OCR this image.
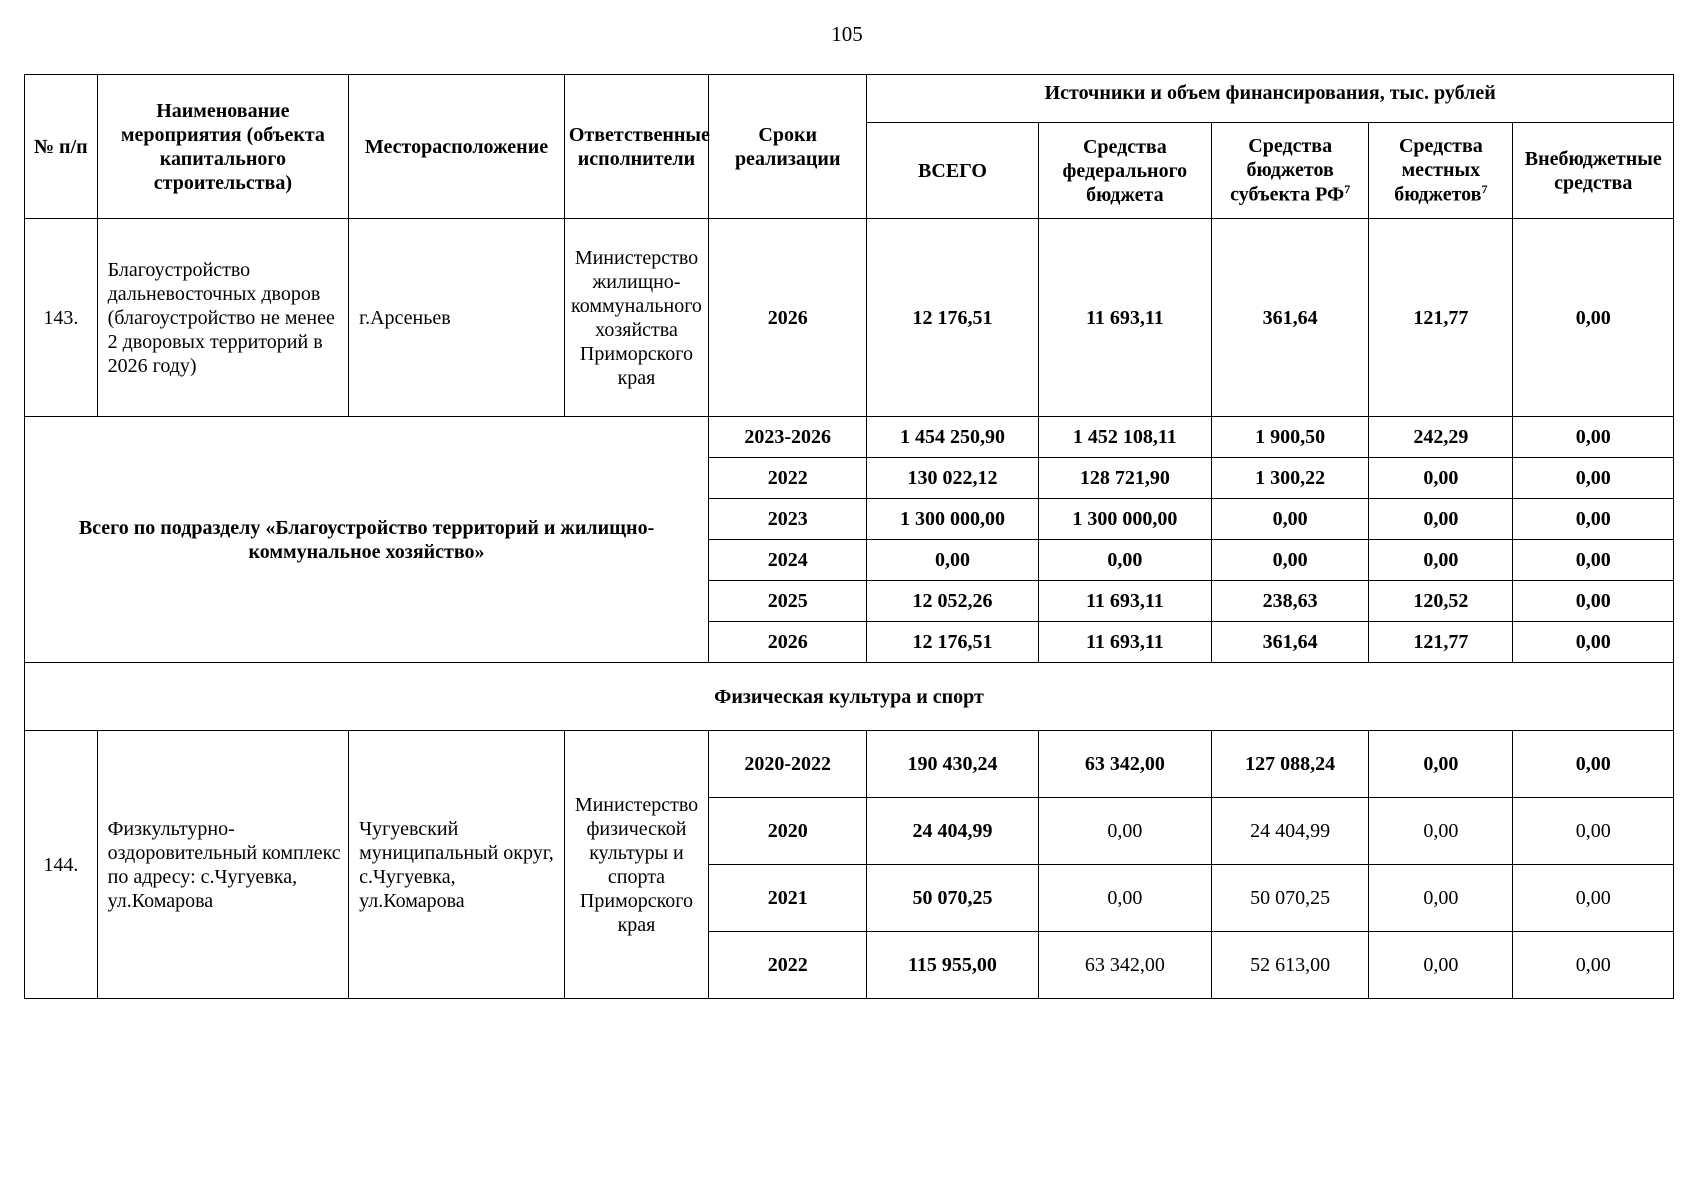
105
№ п/п	Наименование мероприятия (объекта капитального строительства)	Месторасположение	Ответственные исполнители	Сроки реализации	Источники и объем финансирования, тыс. рублей				
					ВСЕГО	Средства федерального бюджета	Средства бюджетов субъекта $РФ^7$	Средства местных бюджетов$^7$	Внебюджетные средства
143.	Благоустройство дальневосточных дворов (благоустройство не менее 2 дворовых территорий в 2026 году)	г.Арсеньев	Министерство жилищно-коммунального хозяйства Приморского края	2026	12 176,51	11 693,11	361,64	121,77	0,00
Всего по подразделу «Благоустройство территорий и жилищно-коммунальное хозяйство»				2023-2026	1 454 250,90	1 452 108,11	1 900,50	242,29	0,00
				2022	130 022,12	128 721,90	1 300,22	0,00	0,00
				2023	1 300 000,00	1 300 000,00	0,00	0,00	0,00
				2024	0,00	0,00	0,00	0,00	0,00
				2025	12 052,26	11 693,11	238,63	120,52	0,00
				2026	12 176,51	11 693,11	361,64	121,77	0,00
Физическая культура и спорт									
144.	Физкультурно-оздоровительный комплекс по адресу: с.Чугуевка, ул.Комарова	Чугуевский муниципальный округ, с.Чугуевка, ул.Комарова	Министерство физической культуры и спорта Приморского края	2020-2022	190 430,24	63 342,00	127 088,24	0,00	0,00
				2020	24 404,99	0,00	24 404,99	0,00	0,00
				2021	50 070,25	0,00	50 070,25	0,00	0,00
				2022	115 955,00	63 342,00	52 613,00	0,00	0,00
